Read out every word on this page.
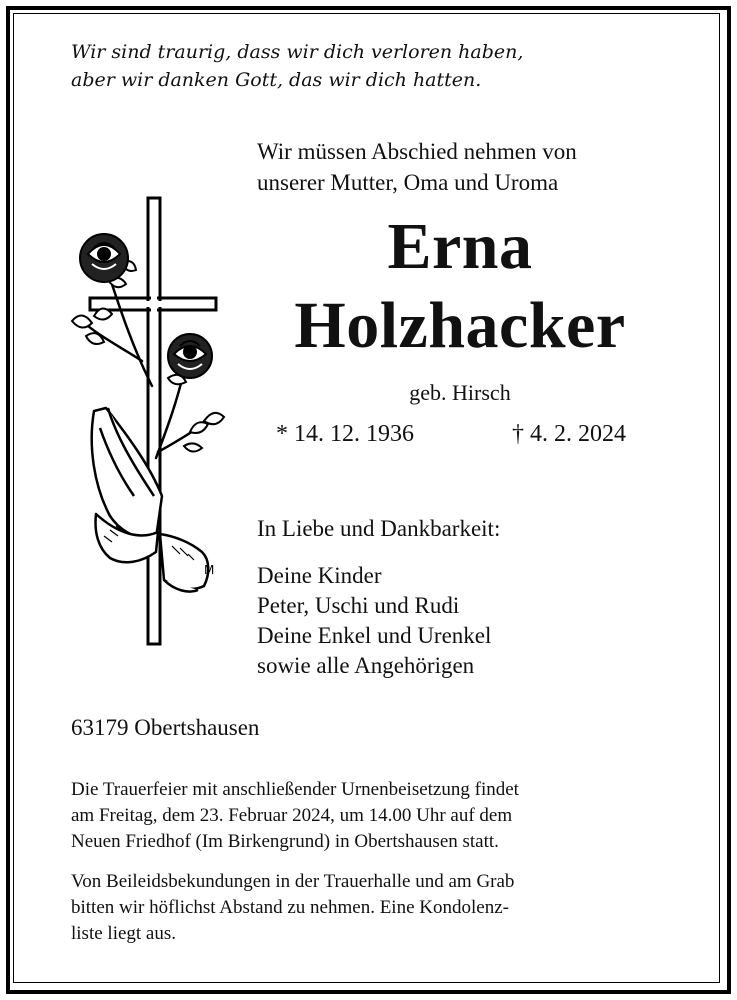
Wir sind traurig, dass wir dich verloren haben,
aber wir danken Gott, das wir dich hatten.
Wir müssen Abschied nehmen von
unserer Mutter, Oma und Uroma
M
Erna
Holzhacker
geb. Hirsch
* 14. 12. 1936	† 4. 2. 2024
In Liebe und Dankbarkeit:
Deine Kinder
Peter, Uschi und Rudi
Deine Enkel und Urenkel
sowie alle Angehörigen
63179 Obertshausen
Die Trauerfeier mit anschließender Urnenbeisetzung findet
am Freitag, dem 23. Februar 2024, um 14.00 Uhr auf dem
Neuen Friedhof (Im Birkengrund) in Obertshausen statt.
Von Beileidsbekundungen in der Trauerhalle und am Grab
bitten wir höflichst Abstand zu nehmen. Eine Kondolenz-
liste liegt aus.
